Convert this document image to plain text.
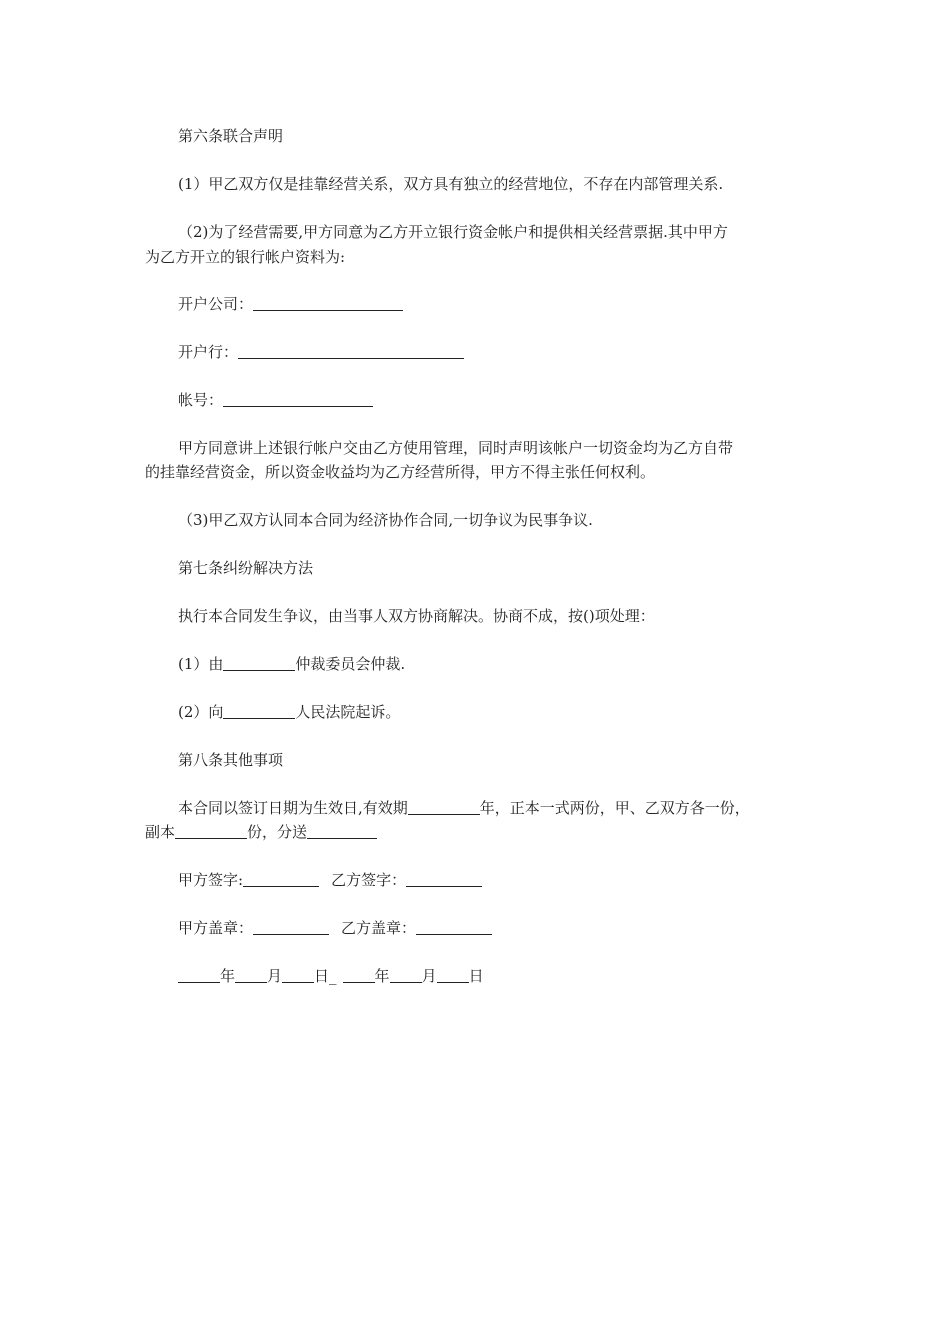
第六条联合声明
(1）甲乙双方仅是挂靠经营关系，双方具有独立的经营地位，不存在内部管理关系.
（2)为了经营需要,甲方同意为乙方开立银行资金帐户和提供相关经营票据.其中甲方
为乙方开立的银行帐户资料为:
开户公司：
开户行：
帐号：
甲方同意讲上述银行帐户交由乙方使用管理，同时声明该帐户一切资金均为乙方自带
的挂靠经营资金，所以资金收益均为乙方经营所得，甲方不得主张任何权利。
（3)甲乙双方认同本合同为经济协作合同,一切争议为民事争议.
第七条纠纷解决方法
执行本合同发生争议，由当事人双方协商解决。协商不成，按()项处理：
(1）由	仲裁委员会仲裁.
(2）向	人民法院起诉。
第八条其他事项
本合同以签订日期为生效日,有效期	年，正本一式两份，甲、乙双方各一份，
副本	份，分送
甲方签字:	乙方签字：
甲方盖章：	乙方盖章：
年 月 日_	年 月 日
